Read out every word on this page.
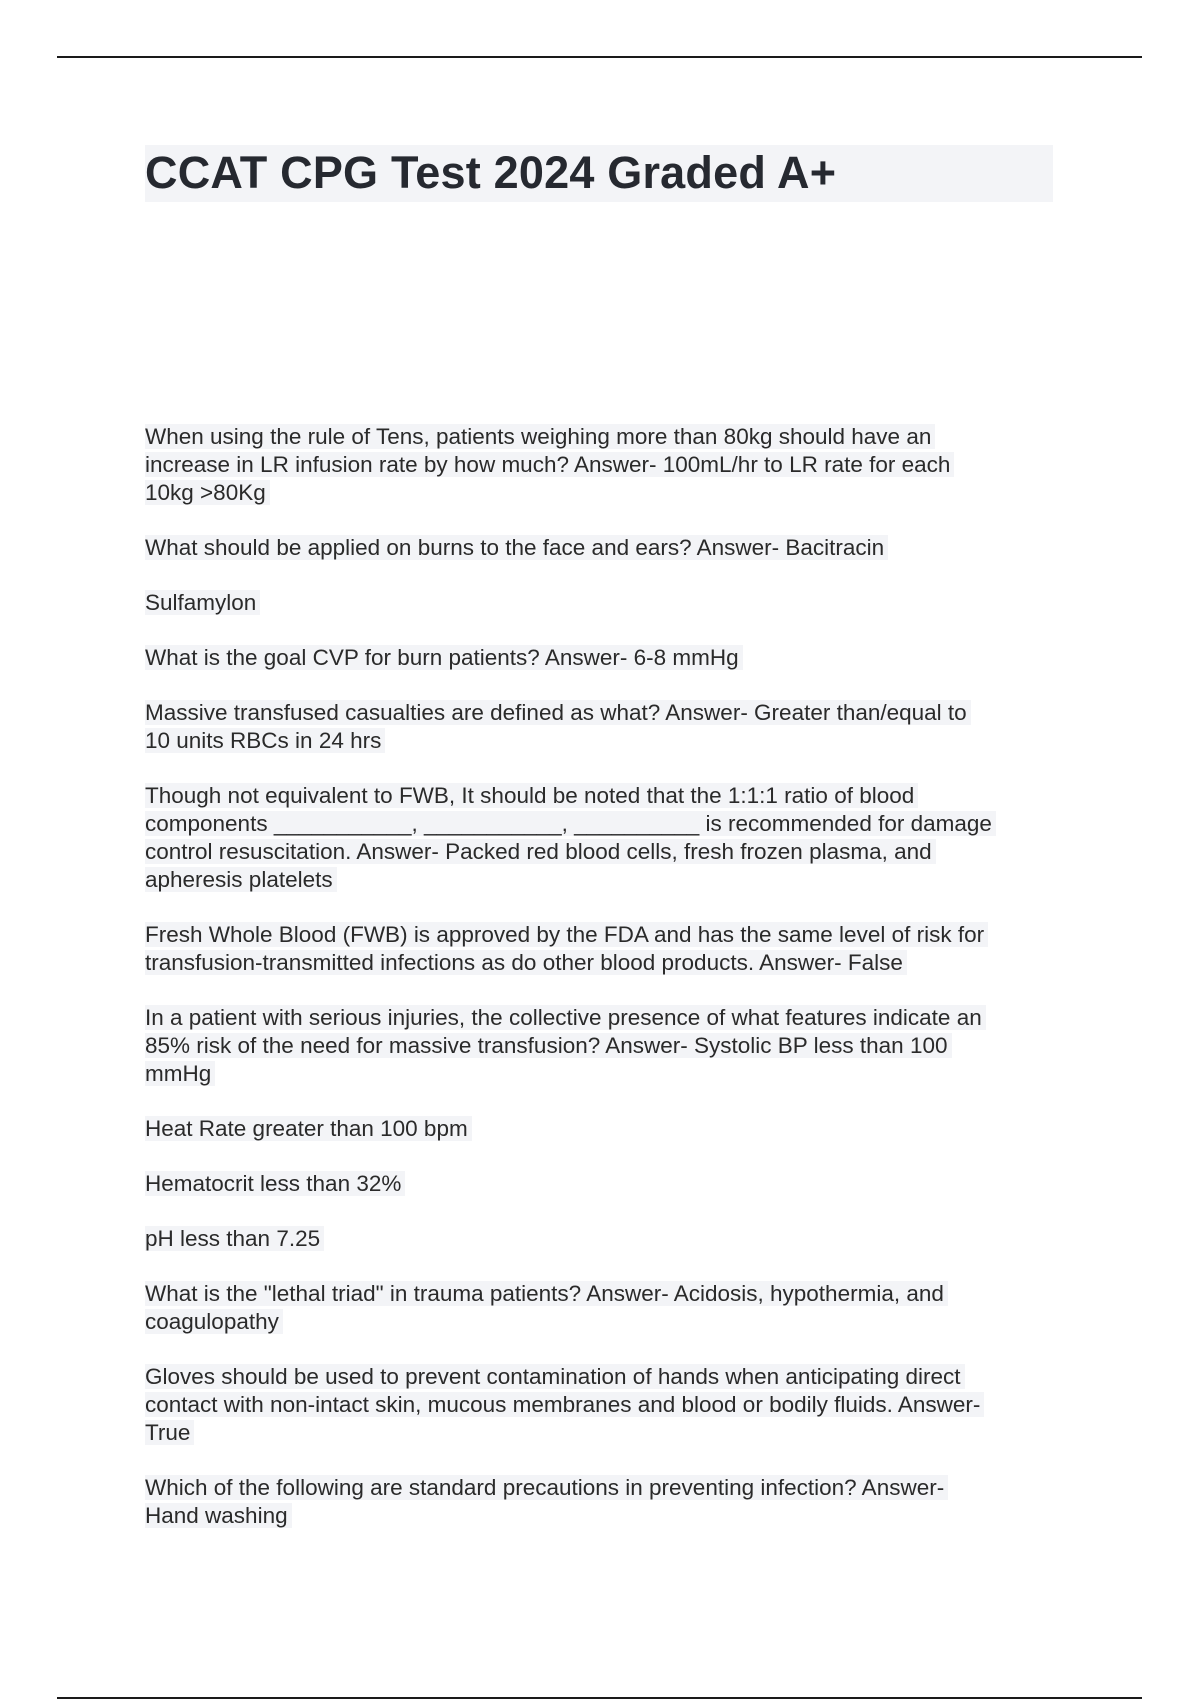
CCAT CPG Test 2024 Graded A+

When using the rule of Tens, patients weighing more than 80kg should have an
increase in LR infusion rate by how much? Answer- 100mL/hr to LR rate for each
10kg >80Kg

What should be applied on burns to the face and ears? Answer- Bacitracin

Sulfamylon

What is the goal CVP for burn patients? Answer- 6-8 mmHg

Massive transfused casualties are defined as what? Answer- Greater than/equal to
10 units RBCs in 24 hrs

Though not equivalent to FWB, It should be noted that the 1:1:1 ratio of blood
components ___________, ___________, __________ is recommended for damage
control resuscitation. Answer- Packed red blood cells, fresh frozen plasma, and
apheresis platelets

Fresh Whole Blood (FWB) is approved by the FDA and has the same level of risk for
transfusion-transmitted infections as do other blood products. Answer- False

In a patient with serious injuries, the collective presence of what features indicate an
85% risk of the need for massive transfusion? Answer- Systolic BP less than 100
mmHg

Heat Rate greater than 100 bpm

Hematocrit less than 32%

pH less than 7.25

What is the "lethal triad" in trauma patients? Answer- Acidosis, hypothermia, and
coagulopathy

Gloves should be used to prevent contamination of hands when anticipating direct
contact with non-intact skin, mucous membranes and blood or bodily fluids. Answer-
True

Which of the following are standard precautions in preventing infection? Answer-
Hand washing
